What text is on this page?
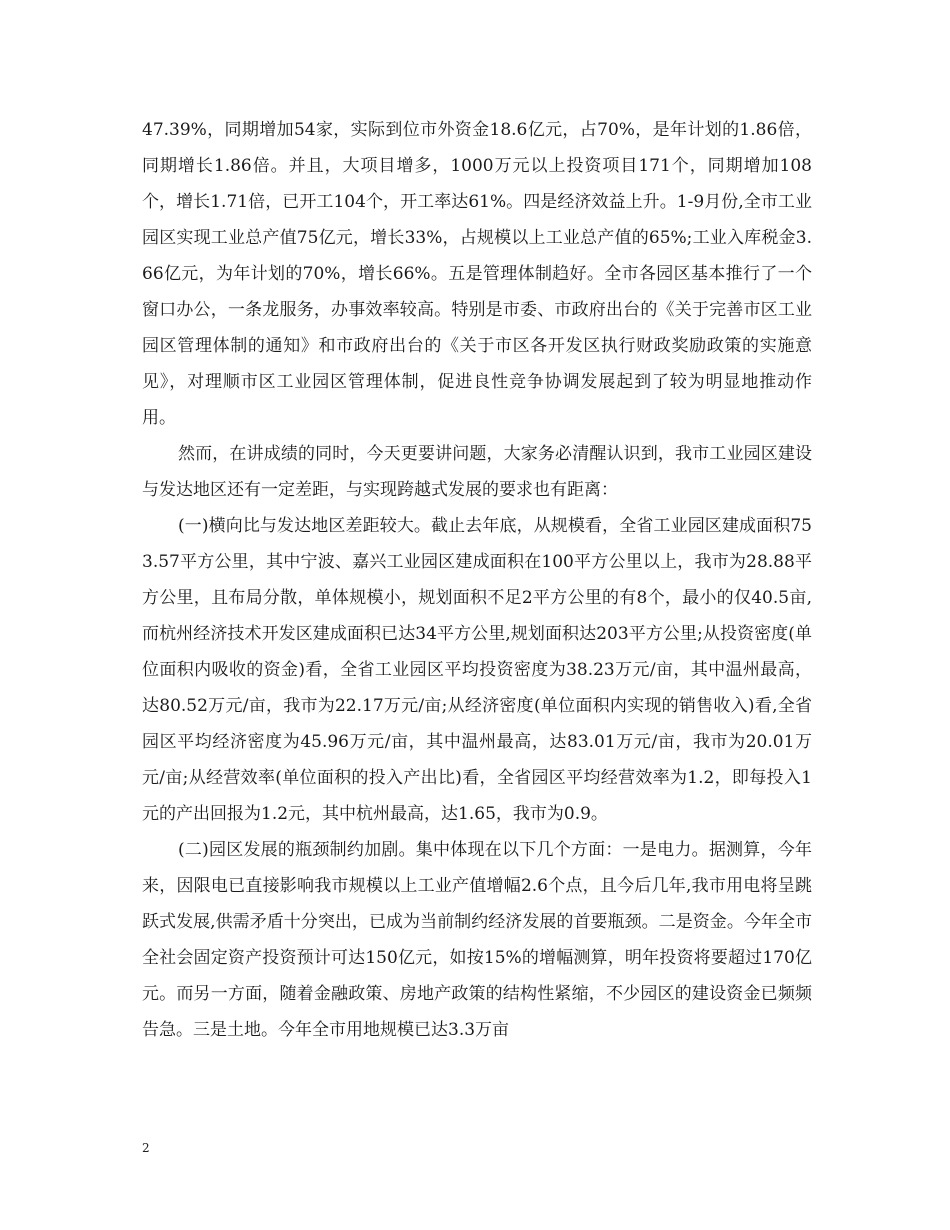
47.39%，同期增加54家，实际到位市外资金18.6亿元，占70%，是年计划的1.86倍，同期增长1.86倍。并且，大项目增多，1000万元以上投资项目171个，同期增加108个，增长1.71倍，已开工104个，开工率达61%。四是经济效益上升。1-9月份,全市工业园区实现工业总产值75亿元，增长33%，占规模以上工业总产值的65%;工业入库税金3.66亿元，为年计划的70%，增长66%。五是管理体制趋好。全市各园区基本推行了一个窗口办公，一条龙服务，办事效率较高。特别是市委、市政府出台的《关于完善市区工业园区管理体制的通知》和市政府出台的《关于市区各开发区执行财政奖励政策的实施意见》，对理顺市区工业园区管理体制，促进良性竞争协调发展起到了较为明显地推动作用。

然而，在讲成绩的同时，今天更要讲问题，大家务必清醒认识到，我市工业园区建设与发达地区还有一定差距，与实现跨越式发展的要求也有距离：

(一)横向比与发达地区差距较大。截止去年底，从规模看，全省工业园区建成面积753.57平方公里，其中宁波、嘉兴工业园区建成面积在100平方公里以上，我市为28.88平方公里，且布局分散，单体规模小，规划面积不足2平方公里的有8个，最小的仅40.5亩,而杭州经济技术开发区建成面积已达34平方公里,规划面积达203平方公里;从投资密度(单位面积内吸收的资金)看，全省工业园区平均投资密度为38.23万元/亩，其中温州最高，达80.52万元/亩，我市为22.17万元/亩;从经济密度(单位面积内实现的销售收入)看,全省园区平均经济密度为45.96万元/亩，其中温州最高，达83.01万元/亩，我市为20.01万元/亩;从经营效率(单位面积的投入产出比)看，全省园区平均经营效率为1.2，即每投入1元的产出回报为1.2元，其中杭州最高，达1.65，我市为0.9。

(二)园区发展的瓶颈制约加剧。集中体现在以下几个方面：一是电力。据测算，今年来，因限电已直接影响我市规模以上工业产值增幅2.6个点，且今后几年,我市用电将呈跳跃式发展,供需矛盾十分突出，已成为当前制约经济发展的首要瓶颈。二是资金。今年全市全社会固定资产投资预计可达150亿元，如按15%的增幅测算，明年投资将要超过170亿元。而另一方面，随着金融政策、房地产政策的结构性紧缩，不少园区的建设资金已频频告急。三是土地。今年全市用地规模已达3.3万亩

2
